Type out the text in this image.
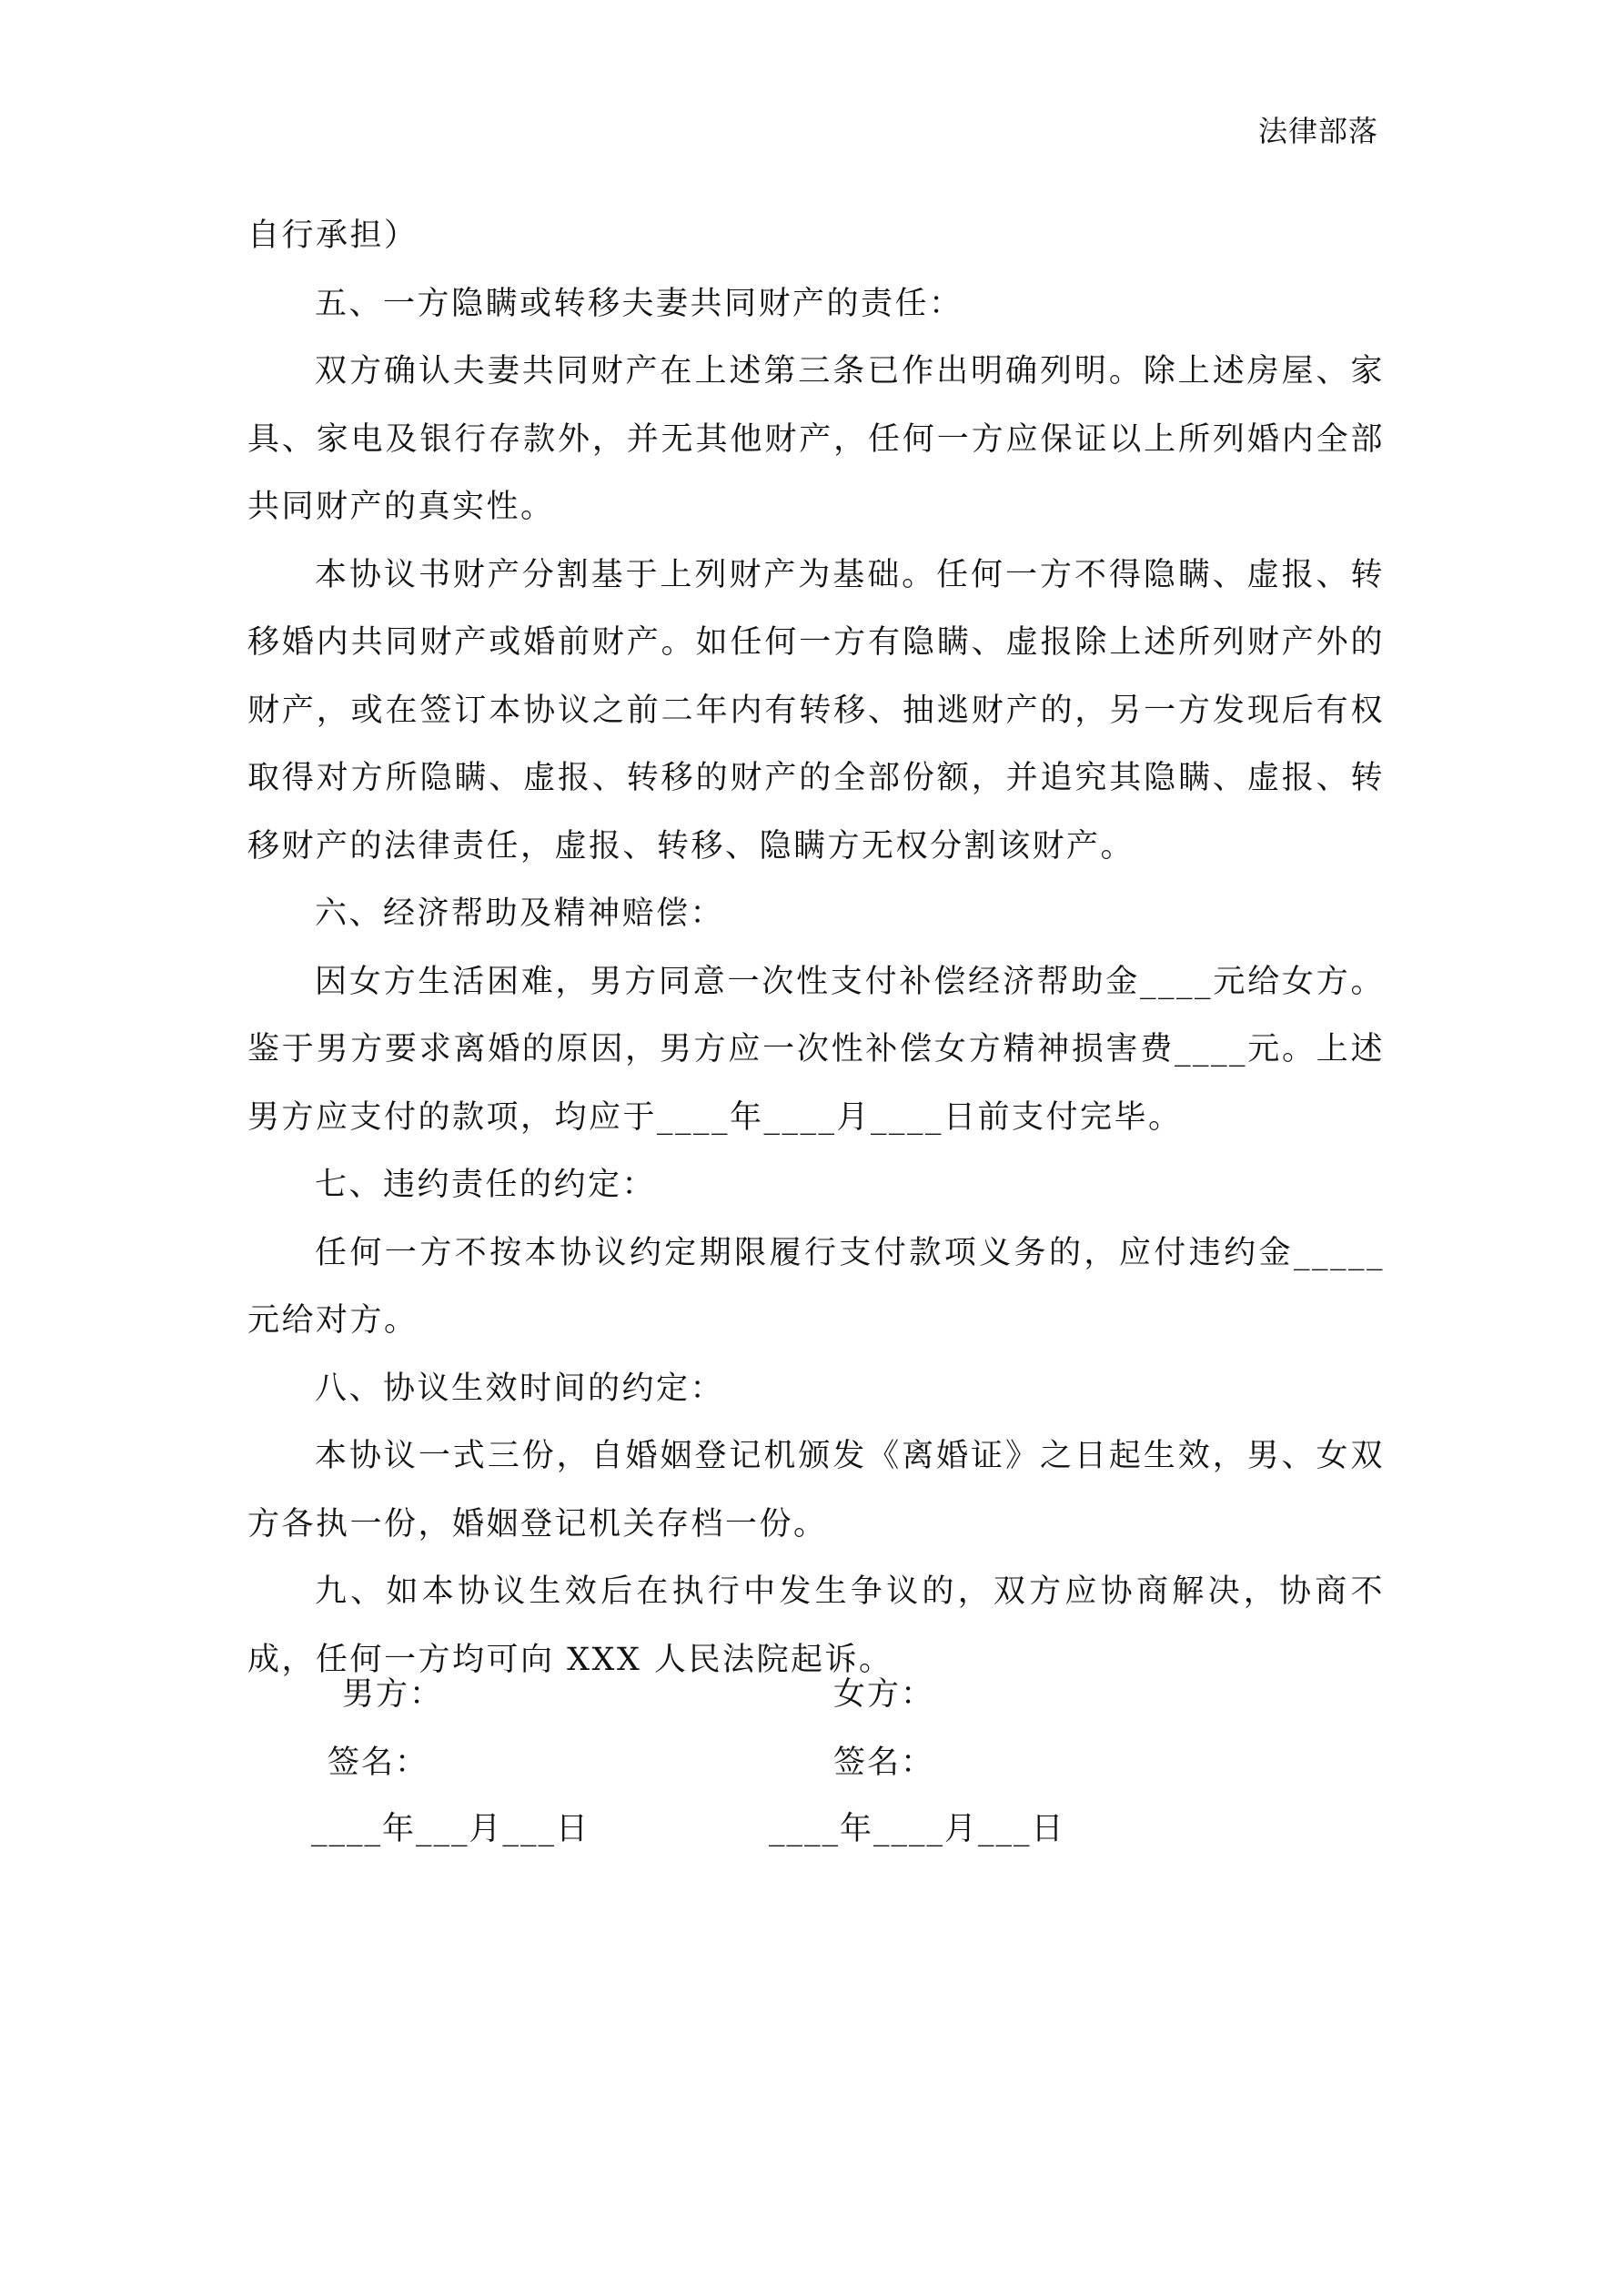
法律部落

自行承担）

五、一方隐瞒或转移夫妻共同财产的责任：

双方确认夫妻共同财产在上述第三条已作出明确列明。除上述房屋、家具、家电及银行存款外，并无其他财产，任何一方应保证以上所列婚内全部共同财产的真实性。

本协议书财产分割基于上列财产为基础。任何一方不得隐瞒、虚报、转移婚内共同财产或婚前财产。如任何一方有隐瞒、虚报除上述所列财产外的财产，或在签订本协议之前二年内有转移、抽逃财产的，另一方发现后有权取得对方所隐瞒、虚报、转移的财产的全部份额，并追究其隐瞒、虚报、转移财产的法律责任，虚报、转移、隐瞒方无权分割该财产。

六、经济帮助及精神赔偿：

因女方生活困难，男方同意一次性支付补偿经济帮助金____元给女方。鉴于男方要求离婚的原因，男方应一次性补偿女方精神损害费____元。上述男方应支付的款项，均应于____年____月____日前支付完毕。

七、违约责任的约定：

任何一方不按本协议约定期限履行支付款项义务的，应付违约金_____元给对方。

八、协议生效时间的约定：

本协议一式三份，自婚姻登记机颁发《离婚证》之日起生效，男、女双方各执一份，婚姻登记机关存档一份。

九、如本协议生效后在执行中发生争议的，双方应协商解决，协商不成，任何一方均可向 XXX 人民法院起诉。

男方：	女方：
签名：	签名：
____年___月___日	____年____月___日
